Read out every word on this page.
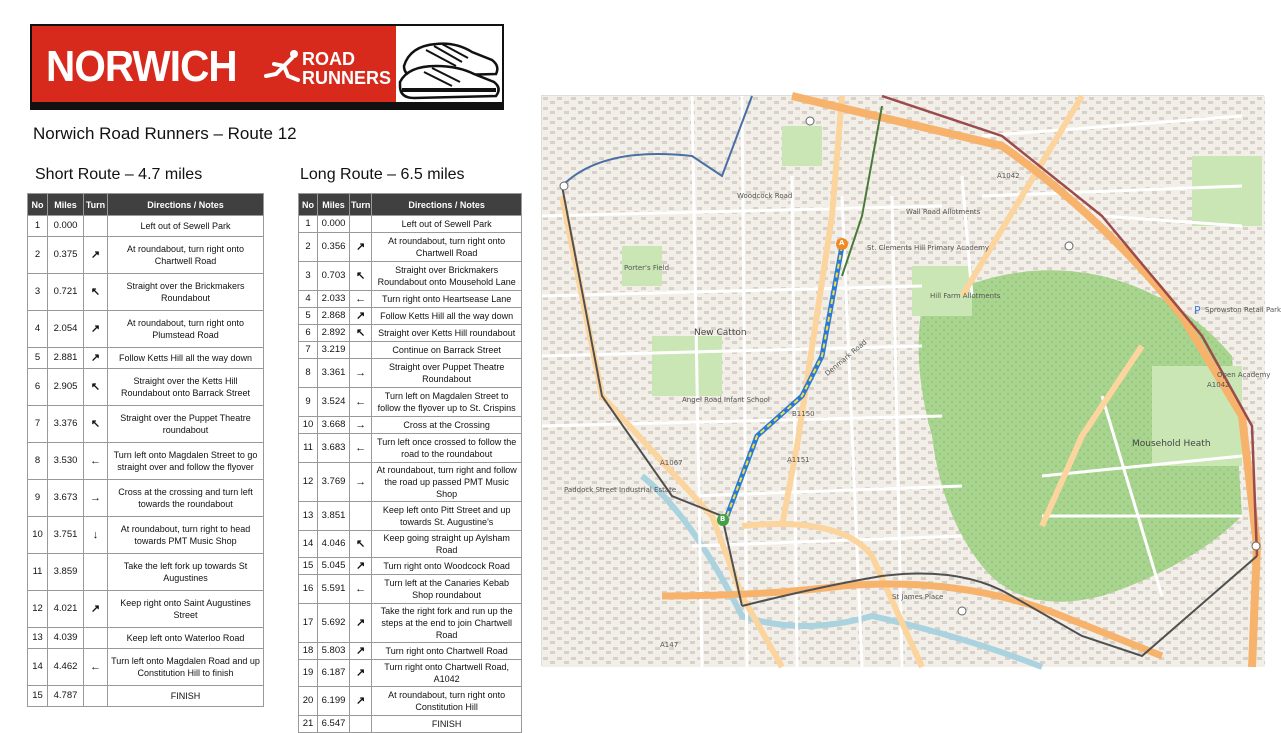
NORWICH	ROAD
RUNNERS
Norwich Road Runners – Route 12
Short Route – 4.7 miles	Long Route – 6.5 miles
No	Miles	Turn	Directions / Notes
1	0.000		Left out of Sewell Park
2	0.375	↗	At roundabout, turn right onto Chartwell Road
3	0.721	↖	Straight over the Brickmakers Roundabout
4	2.054	↗	At roundabout, turn right onto Plumstead Road
5	2.881	↗	Follow Ketts Hill all the way down
6	2.905	↖	Straight over the Ketts Hill Roundabout onto Barrack Street
7	3.376	↖	Straight over the Puppet Theatre roundabout
8	3.530	←	Turn left onto Magdalen Street to go straight over and follow the flyover
9	3.673	→	Cross at the crossing and turn left towards the roundabout
10	3.751	↓	At roundabout, turn right to head towards PMT Music Shop
11	3.859		Take the left fork up towards St Augustines
12	4.021	↗	Keep right onto Saint Augustines Street
13	4.039		Keep left onto Waterloo Road
14	4.462	←	Turn left onto Magdalen Road and up Constitution Hill to finish
15	4.787		FINISH
No	Miles	Turn	Directions / Notes
1	0.000		Left out of Sewell Park
2	0.356	↗	At roundabout, turn right onto Chartwell Road
3	0.703	↖	Straight over Brickmakers Roundabout onto Mousehold Lane
4	2.033	←	Turn right onto Heartsease Lane
5	2.868	↗	Follow Ketts Hill all the way down
6	2.892	↖	Straight over Ketts Hill roundabout
7	3.219		Continue on Barrack Street
8	3.361	→	Straight over Puppet Theatre Roundabout
9	3.524	←	Turn left on Magdalen Street to follow the flyover up to St. Crispins
10	3.668	→	Cross at the Crossing
11	3.683	←	Turn left once crossed to follow the road to the roundabout
12	3.769	→	At roundabout, turn right and follow the road up passed PMT Music Shop
13	3.851		Keep left onto Pitt Street and up towards St. Augustine's
14	4.046	↖	Keep going straight up Aylsham Road
15	5.045	↗	Turn right onto Woodcock Road
16	5.591	←	Turn left at the Canaries Kebab Shop roundabout
17	5.692	↗	Take the right fork and run up the steps at the end to join Chartwell Road
18	5.803	↗	Turn right onto Chartwell Road
19	6.187	↗	Turn right onto Chartwell Road, A1042
20	6.199	↗	At roundabout, turn right onto Constitution Hill
21	6.547		FINISH
P
New Catton
Mousehold Heath
Woodcock Road
Denmark Road
A1042
A1042
A1067
A147
A1151
B1150
Sprowston Retail Park
Open Academy
Angel Road Infant School
Paddock Street Industrial Estate
Porter's Field
St. Clements Hill Primary Academy
Wall Road Allotments
Hill Farm Allotments
St James Place
A
B
